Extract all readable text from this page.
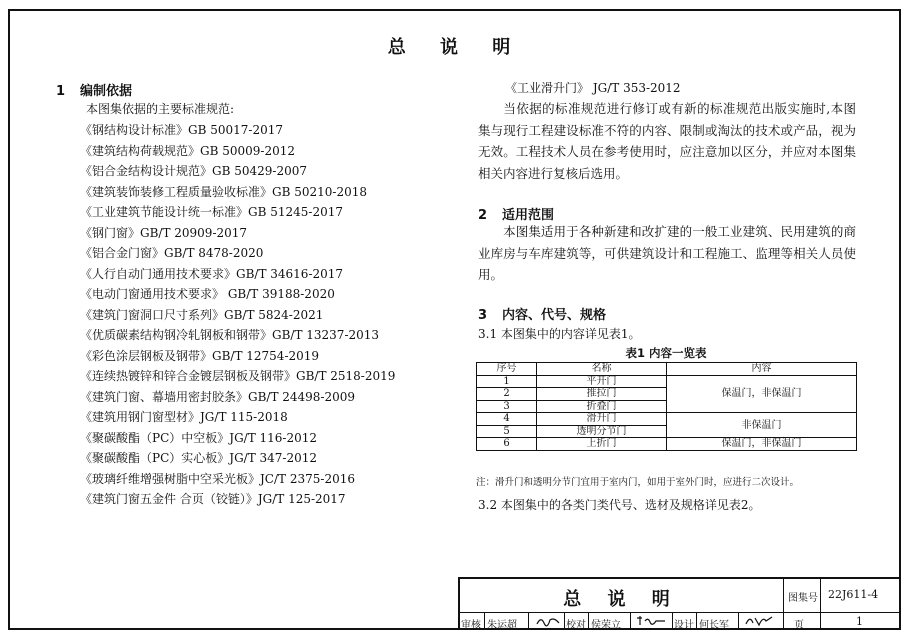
总 说 明
1 编制依据
本图集依据的主要标准规范:
《钢结构设计标准》GB 50017-2017
《建筑结构荷载规范》GB 50009-2012
《铝合金结构设计规范》GB 50429-2007
《建筑装饰装修工程质量验收标准》GB 50210-2018
《工业建筑节能设计统一标准》GB 51245-2017
《钢门窗》GB/T 20909-2017
《铝合金门窗》GB/T 8478-2020
《人行自动门通用技术要求》GB/T 34616-2017
《电动门窗通用技术要求》 GB/T 39188-2020
《建筑门窗洞口尺寸系列》GB/T 5824-2021
《优质碳素结构钢冷轧钢板和钢带》GB/T 13237-2013
《彩色涂层钢板及钢带》GB/T 12754-2019
《连续热镀锌和锌合金镀层钢板及钢带》GB/T 2518-2019
《建筑门窗、幕墙用密封胶条》GB/T 24498-2009
《建筑用钢门窗型材》JG/T 115-2018
《聚碳酸酯（PC）中空板》JG/T 116-2012
《聚碳酸酯（PC）实心板》JG/T 347-2012
《玻璃纤维增强树脂中空采光板》JC/T 2375-2016
《建筑门窗五金件 合页（铰链）》JG/T 125-2017
《工业滑升门》 JG/T 353-2012
当依据的标准规范进行修订或有新的标准规范出版实施时,本图集与现行工程建设标准不符的内容、限制或淘汰的技术或产品，视为无效。工程技术人员在参考使用时，应注意加以区分，并应对本图集相关内容进行复核后选用。
2 适用范围
本图集适用于各种新建和改扩建的一般工业建筑、民用建筑的商业库房与车库建筑等，可供建筑设计和工程施工、监理等相关人员使用。
3 内容、代号、规格
3.1 本图集中的内容详见表1。
表1 内容一览表
序号	名称	内容
1	平开门	保温门，非保温门
2	推拉门	
3	折叠门	
4	滑升门	非保温门
5	透明分节门	
6	上折门	保温门，非保温门
注：滑升门和透明分节门宜用于室内门，如用于室外门时，应进行二次设计。
3.2 本图集中的各类门类代号、选材及规格详见表2。
总 说 明	图集号 22J611-4
审核 朱运超	校对 侯荣立	设计 何长军	页	1
